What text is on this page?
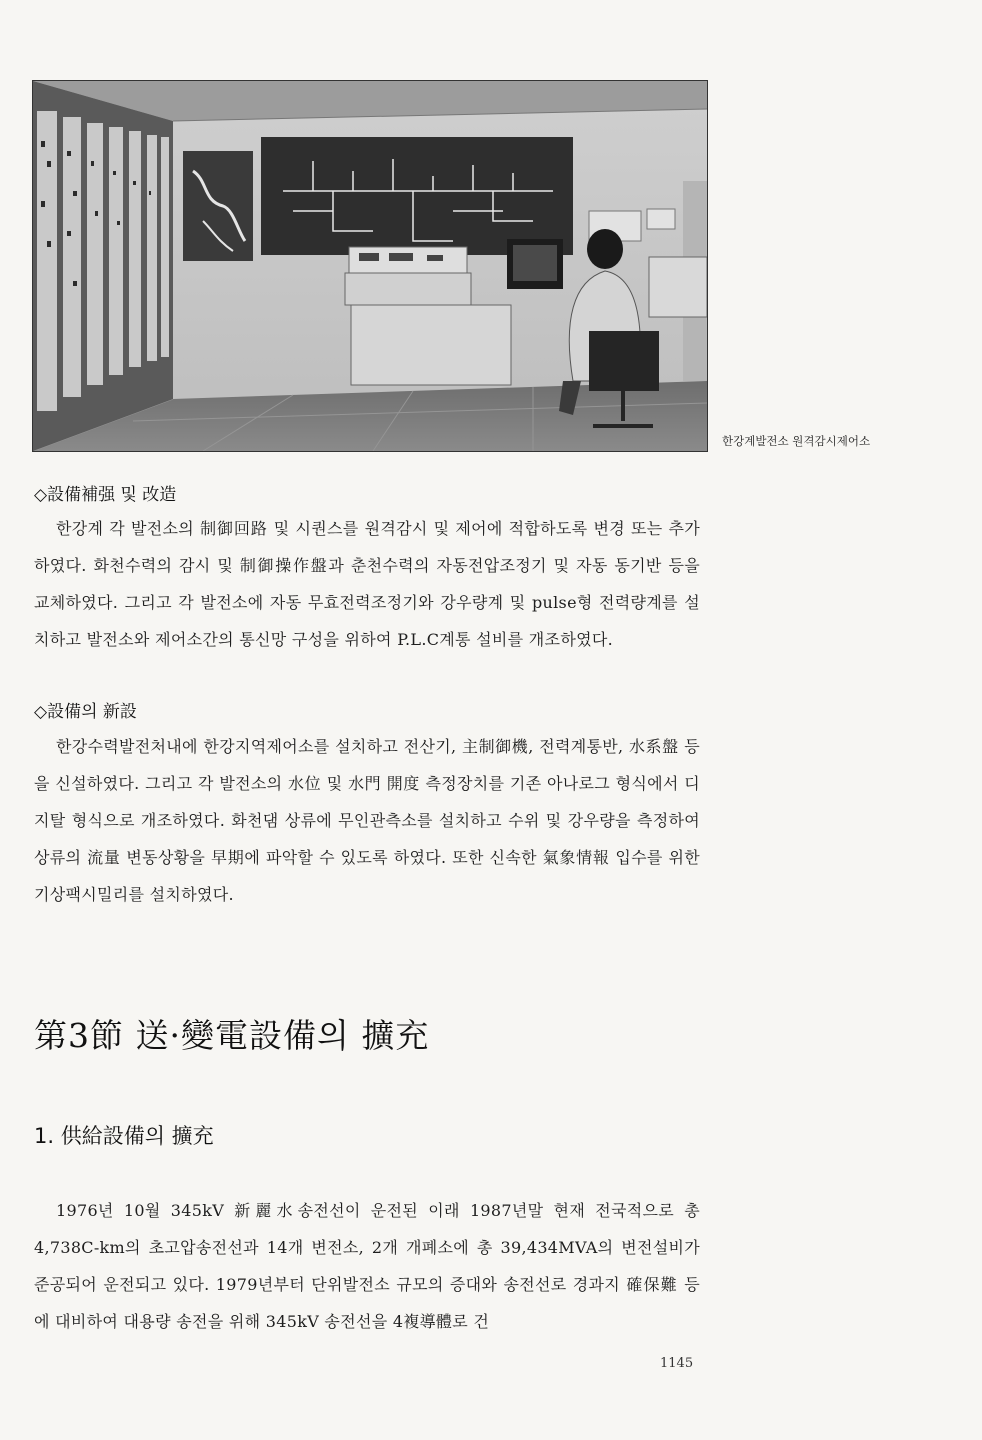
한강계발전소 원격감시제어소
◇設備補强 및 改造

한강계 각 발전소의 制御回路 및 시퀀스를 원격감시 및 제어에 적합하도록 변경 또는 추가하였다. 화천수력의 감시 및 制御操作盤과 춘천수력의 자동전압조정기 및 자동 동기반 등을 교체하였다. 그리고 각 발전소에 자동 무효전력조정기와 강우량계 및 pulse형 전력량계를 설치하고 발전소와 제어소간의 통신망 구성을 위하여 P.L.C계통 설비를 개조하였다.

◇設備의 新設

한강수력발전처내에 한강지역제어소를 설치하고 전산기, 主制御機, 전력계통반, 水系盤 등을 신설하였다. 그리고 각 발전소의 水位 및 水門 開度 측정장치를 기존 아나로그 형식에서 디지탈 형식으로 개조하였다. 화천댐 상류에 무인관측소를 설치하고 수위 및 강우량을 측정하여 상류의 流量 변동상황을 早期에 파악할 수 있도록 하였다. 또한 신속한 氣象情報 입수를 위한 기상팩시밀리를 설치하였다.

第3節 送·變電設備의 擴充
1. 供給設備의 擴充

1976년 10월 345kV 新麗水송전선이 운전된 이래 1987년말 현재 전국적으로 총 4,738C-km의 초고압송전선과 14개 변전소, 2개 개폐소에 총 39,434MVA의 변전설비가 준공되어 운전되고 있다. 1979년부터 단위발전소 규모의 증대와 송전선로 경과지 確保難 등에 대비하여 대용량 송전을 위해 345kV 송전선을 4複導體로 건

1145
